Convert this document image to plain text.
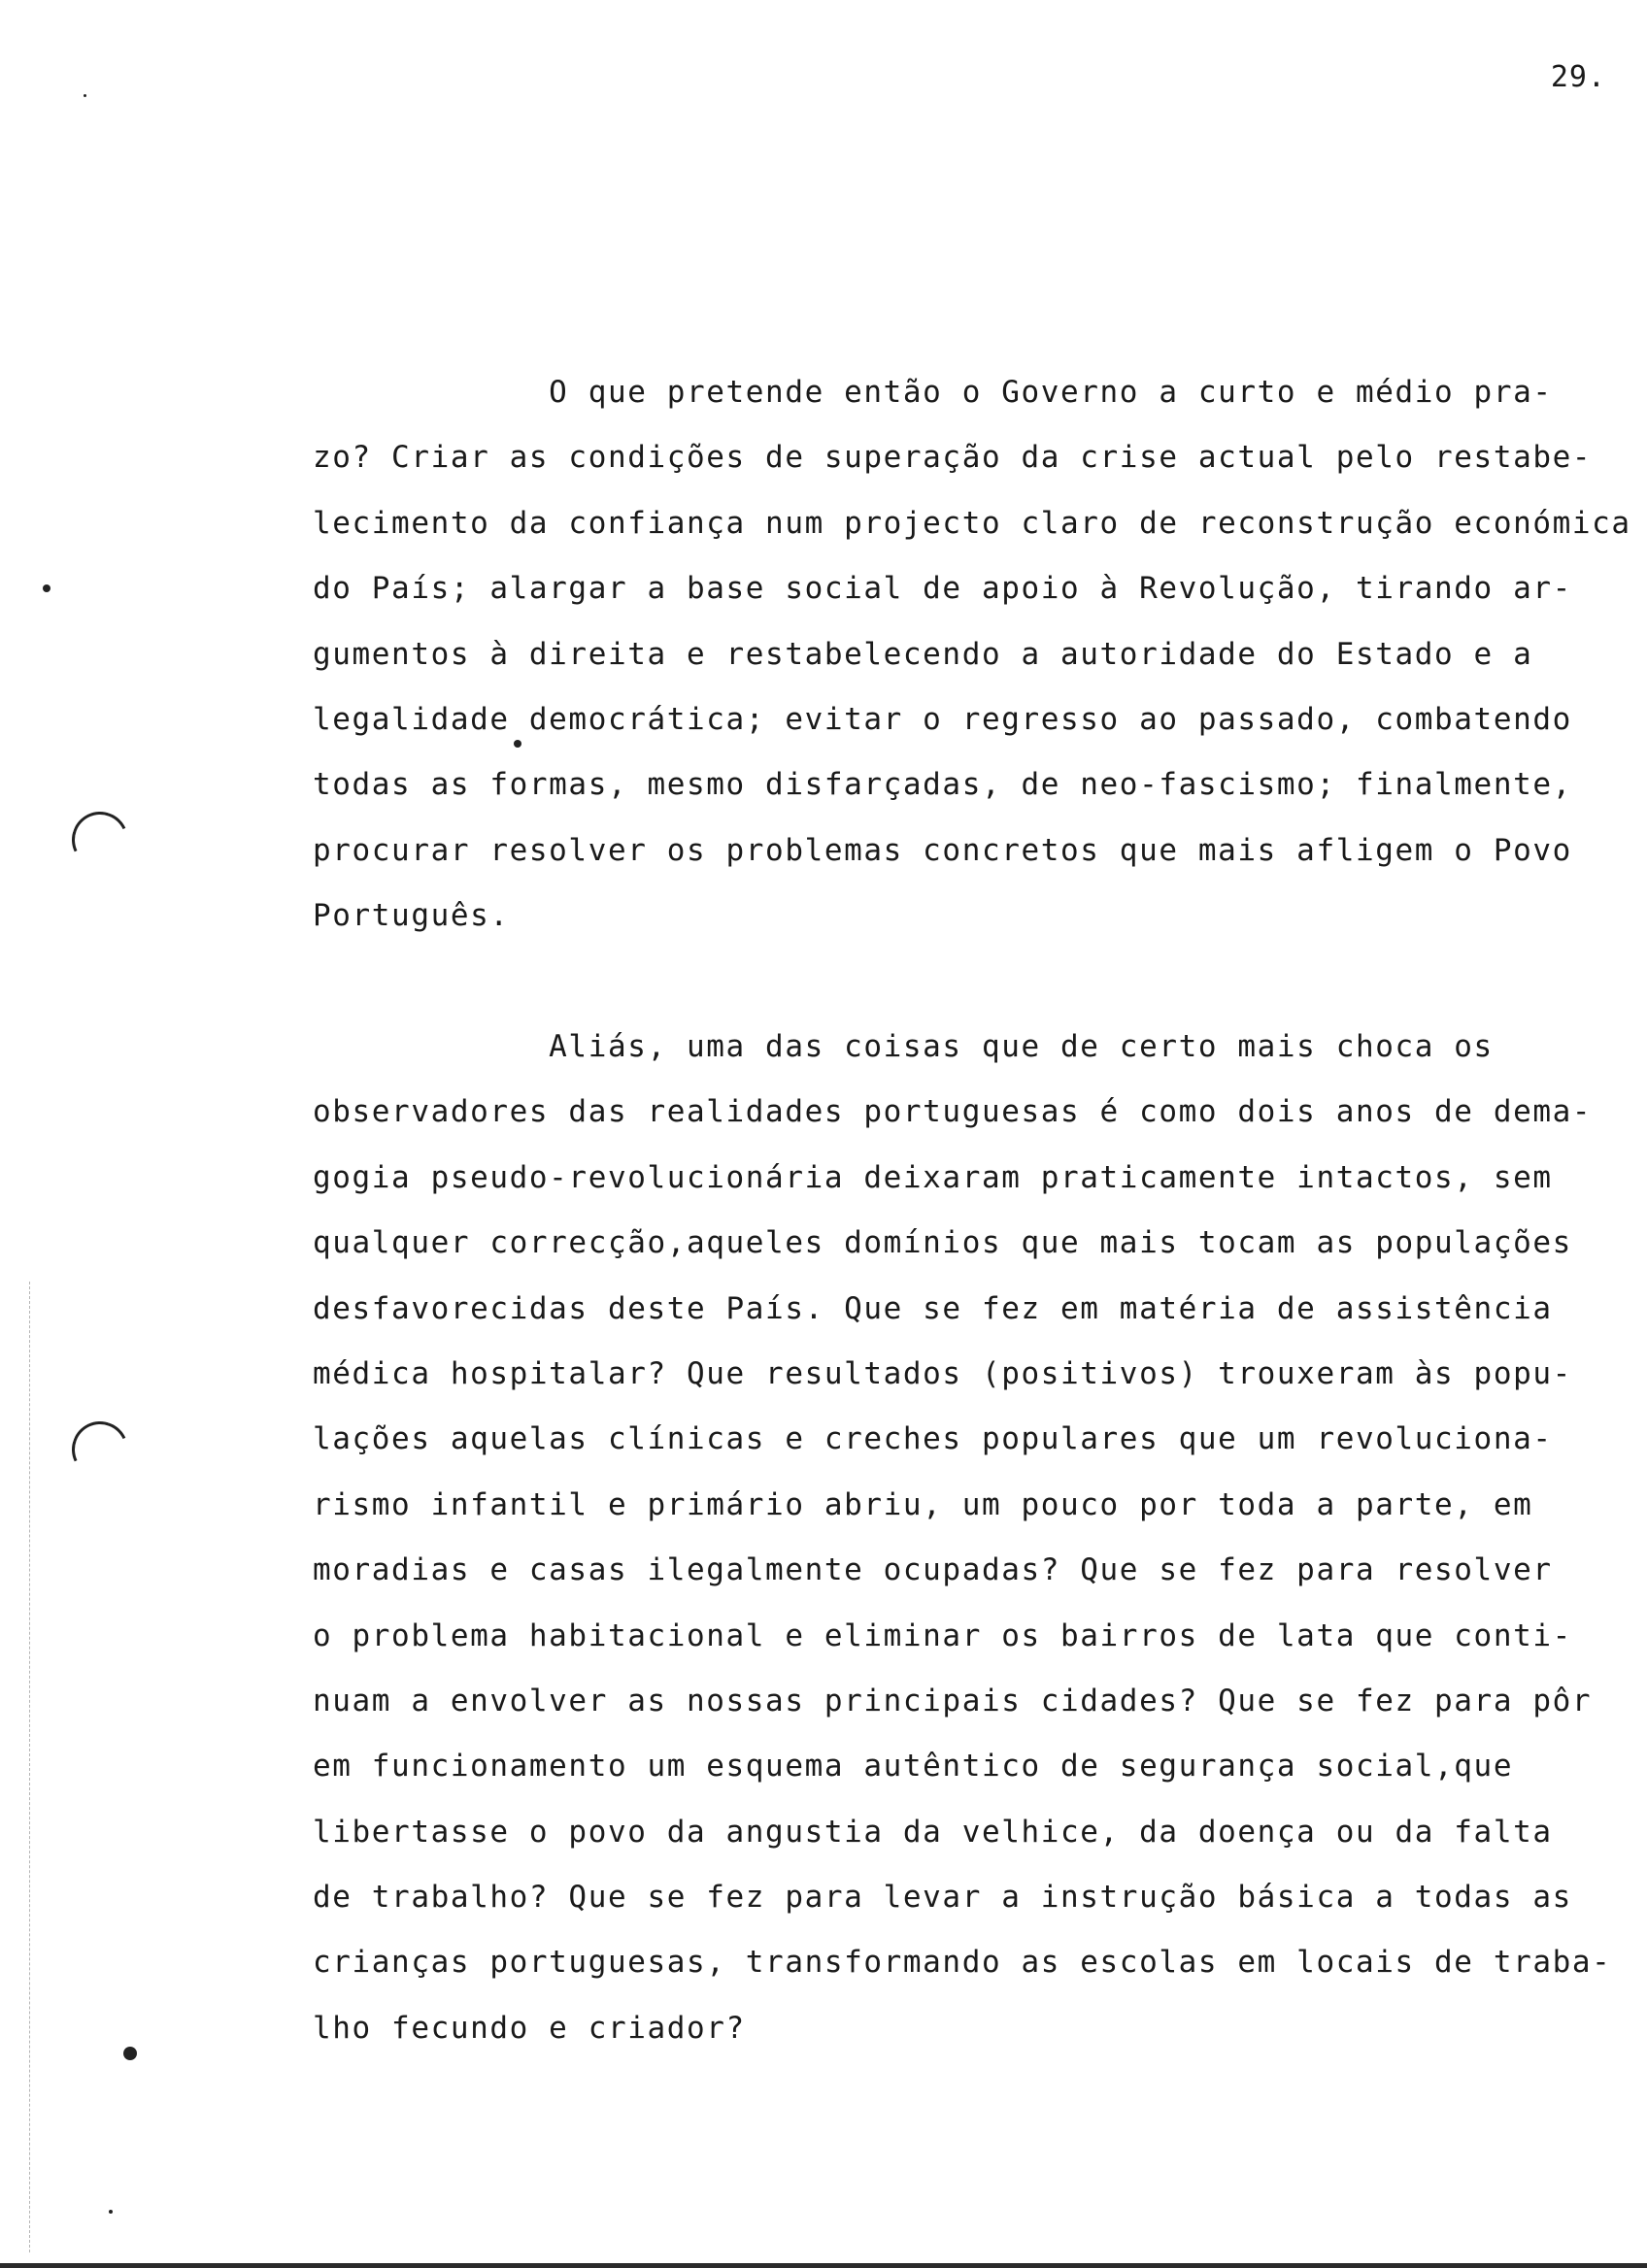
29.
O que pretende então o Governo a curto e médio pra-
zo? Criar as condições de superação da crise actual pelo restabe-
lecimento da confiança num projecto claro de reconstrução económica
do País; alargar a base social de apoio à Revolução, tirando ar-
gumentos à direita e restabelecendo a autoridade do Estado e a
legalidade democrática; evitar o regresso ao passado, combatendo
todas as formas, mesmo disfarçadas, de neo-fascismo; finalmente,
procurar resolver os problemas concretos que mais afligem o Povo
Português.
Aliás, uma das coisas que de certo mais choca os
observadores das realidades portuguesas é como dois anos de dema-
gogia pseudo-revolucionária deixaram praticamente intactos, sem
qualquer correcção,aqueles domínios que mais tocam as populações
desfavorecidas deste País. Que se fez em matéria de assistência
médica hospitalar? Que resultados (positivos) trouxeram às popu-
lações aquelas clínicas e creches populares que um revoluciona-
rismo infantil e primário abriu, um pouco por toda a parte, em
moradias e casas ilegalmente ocupadas? Que se fez para resolver
o problema habitacional e eliminar os bairros de lata que conti-
nuam a envolver as nossas principais cidades? Que se fez para pôr
em funcionamento um esquema autêntico de segurança social,que
libertasse o povo da angustia da velhice, da doença ou da falta
de trabalho? Que se fez para levar a instrução básica a todas as
crianças portuguesas, transformando as escolas em locais de traba-
lho fecundo e criador?
